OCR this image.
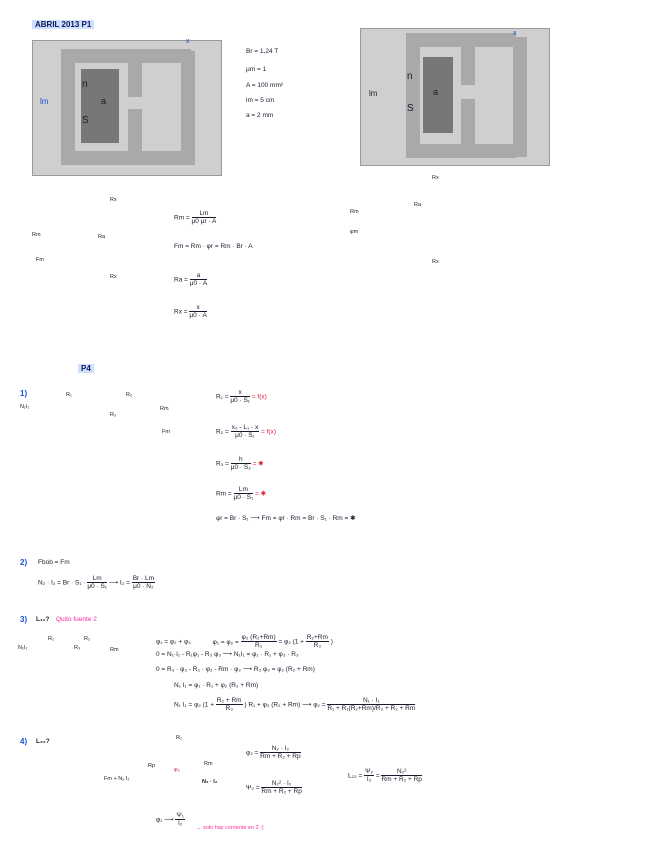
ABRIL 2013 P1
lm
n
S
a
x
Br = 1,24 T
μm = 1
A = 100 mm²
lm = 5 cm
a = 2 mm
lm
n
S
a
x
Rx
Rx
Rm	Ra
Fm
$Rm = \frac{Lm}{\mu 0 \mu r \cdot A}$
Fm = Rm · φr = Rm · Br · A
$Ra = \frac{a}{\mu 0 \cdot A}$
$Rx = \frac{x}{\mu 0 \cdot A}$
Rx
Rx
Rm
Ra
φm
P4
1)
N₁I₁
R₁	R₂
R₃
Rm
Fm
$R_1 = \frac{x}{\text{μ0 · S₁}} = f(x)$
$R_2 = \frac{\text{x₀ - L₁ - x}}{\text{μ0 · S₁}} = f(x)$
$R_3 = \frac{h}{\text{μ0 · S₂}}$ = ✱
$Rm = \frac{Lm}{\text{μ0 · S₁}}$ = ✱
φr = Br · S₁ ⟶ Fm = φr · Rm = Br · S₁ · Rm = ✱
2) Fbob = Fm
$N_2 \cdot I_2 = Br \cdot S_1 \cdot \frac{Lm}{\text{μ0 · S₁}}$ ⟶ $I_2 = \frac{Br \cdot Lm}{\text{μ0 · N₂}}$
3) L₁₁? Quito fuente 2
N₁I₁
R₁	R₂
R₃	Rm
φ₁ = φ₂ + φ₃	$\varphi_1 = \varphi_2 = \frac{\text{φ₂ (R₂+Rm)}}{\text{R₃}} = \varphi_2$ ($1 + \frac{\text{R₂+Rm}}{\text{R₃}}$ )
0 = N₁·I₁ - R₁φ₁ - R₃ φ₃ ⟶ N₁I₁ = φ₁ · R₁ + φ₃ · R₃
0 = R₃ · φ₃ - R₂ · φ₂ - Rm · φ₂ ⟶ R₃ φ₃ = φ₂ (R₂ + Rm)
N₁ I₁ = φ₁ · R₁ + φ₂ (R₂ + Rm)
N₁ I₁ = φ₂ ($1 + \frac{\text{R₂ + Rm}}{\text{R₃}}$ ) R₁ + φ₂ (R₂ + Rm) ⟶ $\varphi_2 = \frac{\text{N₁ · I₁}}{\text{R₁ + R₁(R₂+Rm)/R₃ + R₂ + Rm}}$
4) L₂₂?
Fm + N₂ I₂
R₁
Rp	Rm
N₂ · I₂
φ₂
$\varphi_2 = \frac{\text{N₂ · I₂}}{\text{Rm + R₂ + Rp}}$
$\Psi_2 = \frac{\text{N₂² · I₂}}{\text{Rm + R₂ + Rp}}$
$L_{22} = \frac{\text{Ψ₂}}{\text{I₂}} = \frac{\text{N₂²}}{\text{Rm + R₂ + Rp}}$
φ₁ ⟶ $\frac{\text{Ψ₁}}{\text{I₂}}$
→ solo hay corriente en 2 :)
